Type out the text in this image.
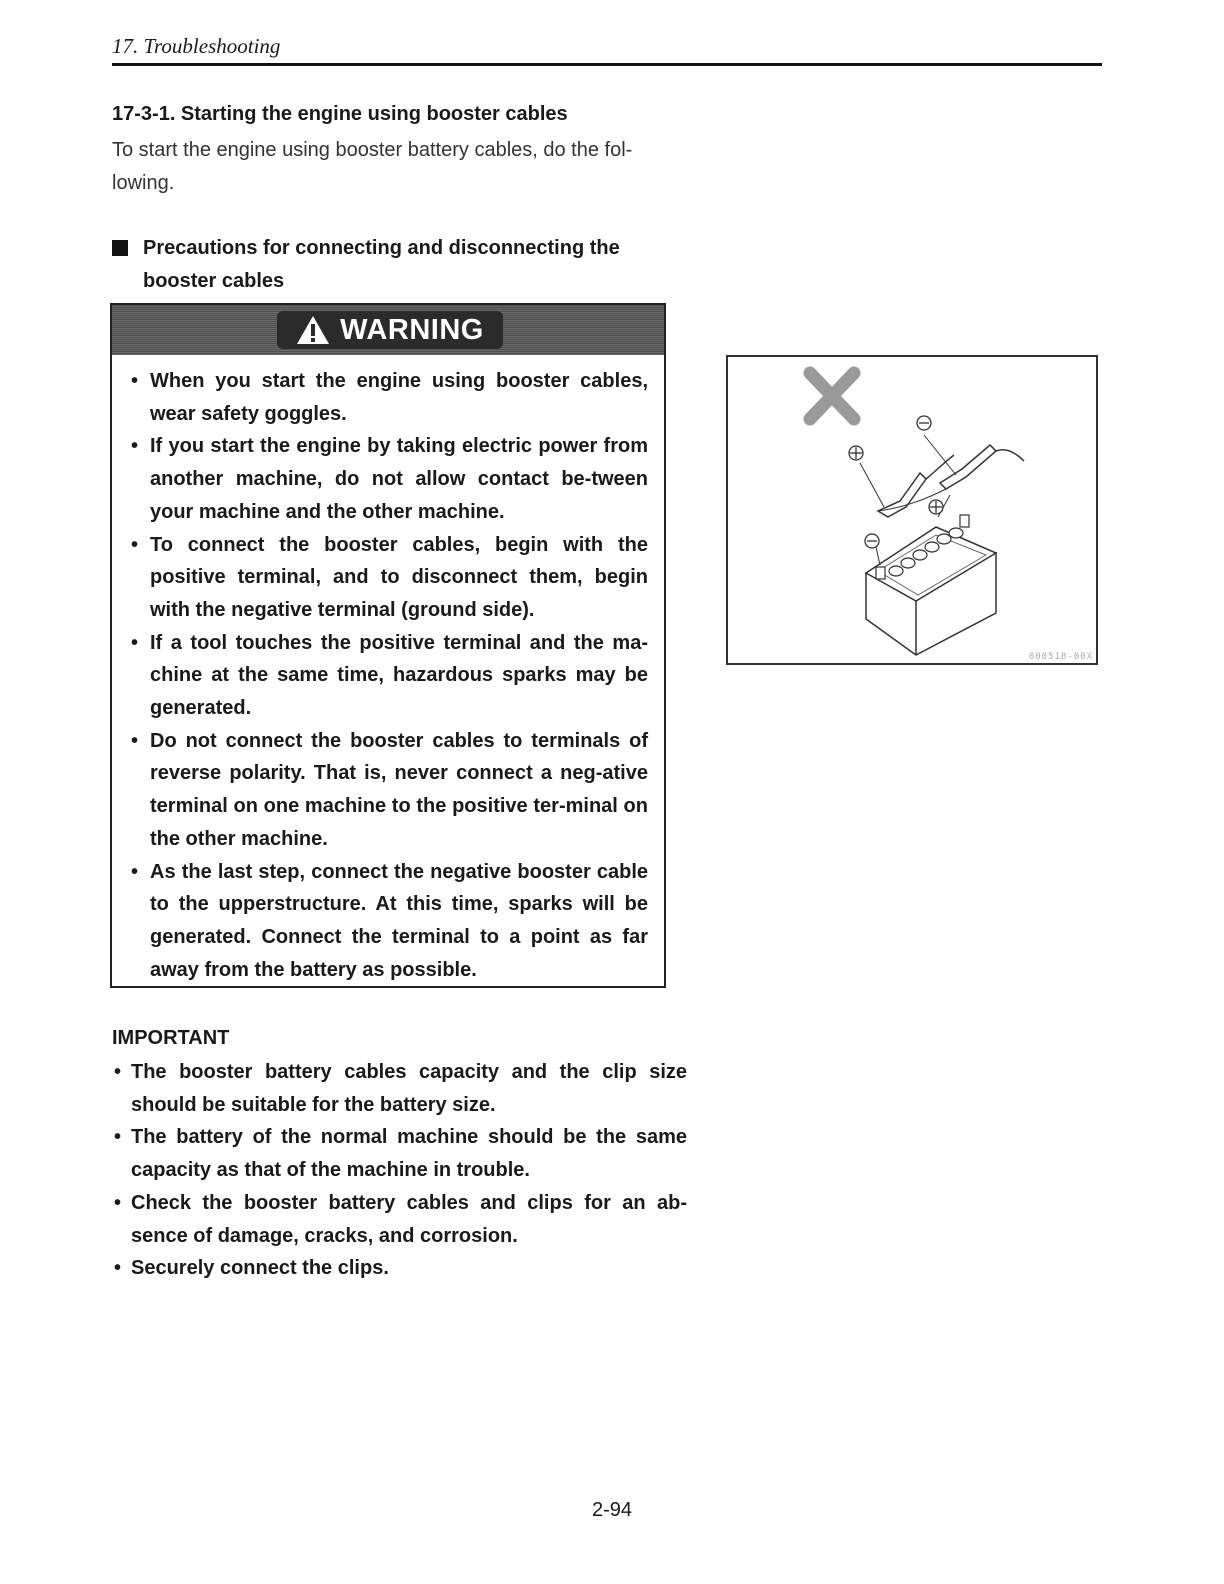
17. Troubleshooting
17-3-1. Starting the engine using booster cables
To start the engine using booster battery cables, do the fol-lowing.
Precautions for connecting and disconnecting the booster cables
WARNING
• When you start the engine using booster cables, wear safety goggles.
• If you start the engine by taking electric power from another machine, do not allow contact be-tween your machine and the other machine.
• To connect the booster cables, begin with the positive terminal, and to disconnect them, begin with the negative terminal (ground side).
• If a tool touches the positive terminal and the ma-chine at the same time, hazardous sparks may be generated.
• Do not connect the booster cables to terminals of reverse polarity. That is, never connect a neg-ative terminal on one machine to the positive ter-minal on the other machine.
• As the last step, connect the negative booster cable to the upperstructure. At this time, sparks will be generated. Connect the terminal to a point as far away from the battery as possible.
IMPORTANT
• The booster battery cables capacity and the clip size should be suitable for the battery size.
• The battery of the normal machine should be the same capacity as that of the machine in trouble.
• Check the booster battery cables and clips for an ab-sence of damage, cracks, and corrosion.
• Securely connect the clips.
000518-00X
2-94
